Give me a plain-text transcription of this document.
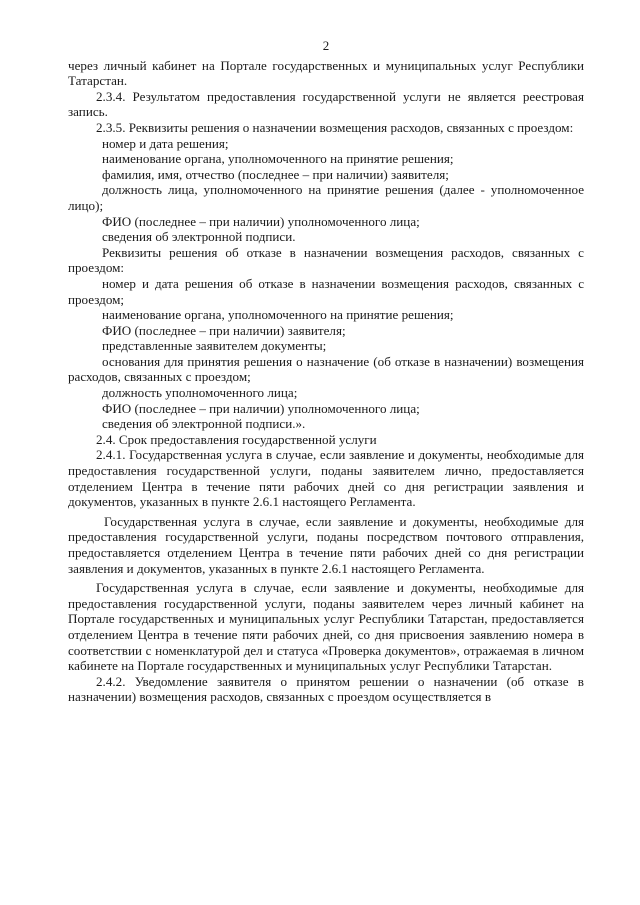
2

через личный кабинет на Портале государственных и муниципальных услуг Республики Татарстан.

2.3.4. Результатом предоставления государственной услуги не является реестровая запись.

2.3.5. Реквизиты решения о назначении возмещения расходов, связанных с проездом:

номер и дата решения;

наименование органа, уполномоченного на принятие решения;

фамилия, имя, отчество (последнее – при наличии) заявителя;

должность лица, уполномоченного на принятие решения (далее - уполномоченное лицо);

ФИО (последнее – при наличии) уполномоченного лица;

сведения об электронной подписи.

Реквизиты решения об отказе в назначении возмещения расходов, связанных с проездом:

номер и дата решения об отказе в назначении возмещения расходов, связанных с проездом;

наименование органа, уполномоченного на принятие решения;

ФИО (последнее – при наличии) заявителя;

представленные заявителем документы;

основания для принятия решения о назначение (об отказе в назначении) возмещения расходов, связанных с проездом;

должность уполномоченного лица;

ФИО (последнее – при наличии) уполномоченного лица;

сведения об электронной подписи.».

2.4. Срок предоставления государственной услуги

2.4.1. Государственная услуга в случае, если заявление и документы, необходимые для предоставления государственной услуги, поданы заявителем лично, предоставляется отделением Центра в течение пяти рабочих дней со дня регистрации заявления и документов, указанных в пункте 2.6.1 настоящего Регламента.

Государственная услуга в случае, если заявление и документы, необходимые для предоставления государственной услуги, поданы посредством почтового отправления, предоставляется отделением Центра в течение пяти рабочих дней со дня регистрации заявления и документов, указанных в пункте 2.6.1 настоящего Регламента.

Государственная услуга в случае, если заявление и документы, необходимые для предоставления государственной услуги, поданы заявителем через личный кабинет на Портале государственных и муниципальных услуг Республики Татарстан, предоставляется отделением Центра в течение пяти рабочих дней, со дня присвоения заявлению номера в соответствии с номенклатурой дел и статуса «Проверка документов», отражаемая в личном кабинете на Портале государственных и муниципальных услуг Республики Татарстан.

2.4.2. Уведомление заявителя о принятом решении о назначении (об отказе в назначении) возмещения расходов, связанных с проездом осуществляется в
